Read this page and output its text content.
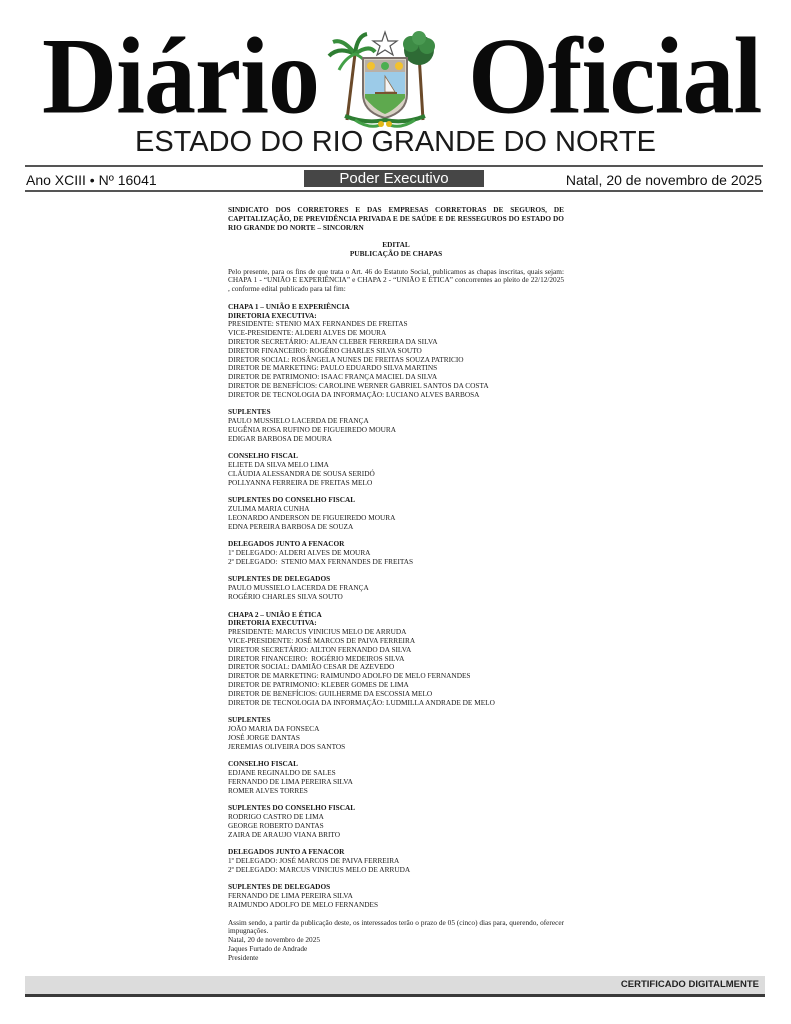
Diário Oficial
ESTADO DO RIO GRANDE DO NORTE
Ano XCIII • Nº 16041	Poder Executivo	Natal, 20 de novembro de 2025
SINDICATO DOS CORRETORES E DAS EMPRESAS CORRETORAS DE SEGUROS, DE CAPITALIZAÇÃO, DE PREVIDÊNCIA PRIVADA E DE SAÚDE E DE RESSEGUROS DO ESTADO DO RIO GRANDE DO NORTE – SINCOR/RN
EDITAL
PUBLICAÇÃO DE CHAPAS
Pelo presente, para os fins de que trata o Art. 46 do Estatuto Social, publicamos as chapas inscritas, quais sejam: CHAPA 1 - “UNIÃO E EXPERIÊNCIA” e CHAPA 2 - “UNIÃO E ÉTICA” concorrentes ao pleito de 22/12/2025 , conforme edital publicado para tal fim:
CHAPA 1 – UNIÃO E EXPERIÊNCIA
DIRETORIA EXECUTIVA:
PRESIDENTE: STENIO MAX FERNANDES DE FREITAS
VICE-PRESIDENTE: ALDERI ALVES DE MOURA
DIRETOR SECRETÁRIO: ALJEAN CLEBER FERREIRA DA SILVA
DIRETOR FINANCEIRO: ROGÉRO CHARLES SILVA SOUTO
DIRETOR SOCIAL: ROSÂNGELA NUNES DE FREITAS SOUZA PATRICIO
DIRETOR DE MARKETING: PAULO EDUARDO SILVA MARTINS
DIRETOR DE PATRIMONIO: ISAAC FRANÇA MACIEL DA SILVA
DIRETOR DE BENEFÍCIOS: CAROLINE WERNER GABRIEL SANTOS DA COSTA
DIRETOR DE TECNOLOGIA DA INFORMAÇÃO: LUCIANO ALVES BARBOSA
SUPLENTES
PAULO MUSSIELO LACERDA DE FRANÇA
EUGÊNIA ROSA RUFINO DE FIGUEIREDO MOURA
EDIGAR BARBOSA DE MOURA
CONSELHO FISCAL
ELIETE DA SILVA MELO LIMA
CLÁUDIA ALESSANDRA DE SOUSA SERIDÓ
POLLYANNA FERREIRA DE FREITAS MELO
SUPLENTES DO CONSELHO FISCAL
ZULIMA MARIA CUNHA
LEONARDO ANDERSON DE FIGUEIREDO MOURA
EDNA PEREIRA BARBOSA DE SOUZA
DELEGADOS JUNTO A FENACOR
1º DELEGADO: ALDERI ALVES DE MOURA
2º DELEGADO:  STENIO MAX FERNANDES DE FREITAS
SUPLENTES DE DELEGADOS
PAULO MUSSIELO LACERDA DE FRANÇA
ROGÉRIO CHARLES SILVA SOUTO
CHAPA 2 – UNIÃO E ÉTICA
DIRETORIA EXECUTIVA:
PRESIDENTE: MARCUS VINICIUS MELO DE ARRUDA
VICE-PRESIDENTE: JOSÉ MARCOS DE PAIVA FERREIRA
DIRETOR SECRETÁRIO: AILTON FERNANDO DA SILVA
DIRETOR FINANCEIRO:  ROGÉRIO MEDEIROS SILVA
DIRETOR SOCIAL: DAMIÃO CESAR DE AZEVEDO
DIRETOR DE MARKETING: RAIMUNDO ADOLFO DE MELO FERNANDES
DIRETOR DE PATRIMONIO: KLEBER GOMES DE LIMA
DIRETOR DE BENEFÍCIOS: GUILHERME DA ESCOSSIA MELO
DIRETOR DE TECNOLOGIA DA INFORMAÇÃO: LUDMILLA ANDRADE DE MELO
SUPLENTES
JOÃO MARIA DA FONSECA
JOSÉ JORGE DANTAS
JEREMIAS OLIVEIRA DOS SANTOS
CONSELHO FISCAL
EDJANE REGINALDO DE SALES
FERNANDO DE LIMA PEREIRA SILVA
ROMER ALVES TORRES
SUPLENTES DO CONSELHO FISCAL
RODRIGO CASTRO DE LIMA
GEORGE ROBERTO DANTAS
ZAIRA DE ARAUJO VIANA BRITO
DELEGADOS JUNTO A FENACOR
1º DELEGADO: JOSÉ MARCOS DE PAIVA FERREIRA
2º DELEGADO: MARCUS VINICIUS MELO DE ARRUDA
SUPLENTES DE DELEGADOS
FERNANDO DE LIMA PEREIRA SILVA
RAIMUNDO ADOLFO DE MELO FERNANDES
Assim sendo, a partir da publicação deste, os interessados terão o prazo de 05 (cinco) dias para, querendo, oferecer impugnações.
Natal, 20 de novembro de 2025
Jaques Furtado de Andrade
Presidente
CERTIFICADO DIGITALMENTE
